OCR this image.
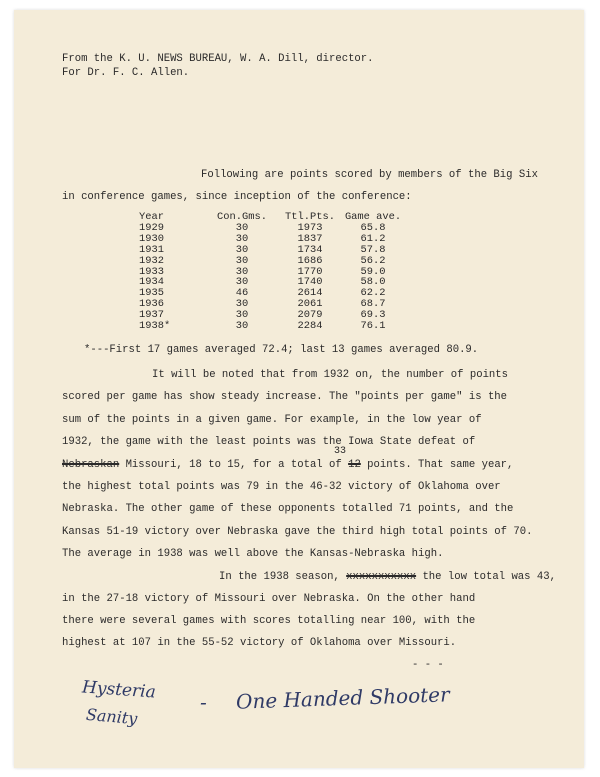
From the K. U. NEWS BUREAU, W. A. Dill, director.
For Dr. F. C. Allen.
Following are points scored by members of the Big Six
in conference games, since inception of the conference:
Year	Con.Gms.	Ttl.Pts.	Game ave.
1929	30	1973	65.8
1930	30	1837	61.2
1931	30	1734	57.8
1932	30	1686	56.2
1933	30	1770	59.0
1934	30	1740	58.0
1935	46	2614	62.2
1936	30	2061	68.7
1937	30	2079	69.3
1938*	30	2284	76.1
*---First 17 games averaged 72.4; last 13 games averaged 80.9.
It will be noted that from 1932 on, the number of points
scored per game has show steady increase. The "points per game" is the
sum of the points in a given game. For example, in the low year of
1932, the game with the least points was the Iowa State defeat of
Nebraskan Missouri, 18 to 15, for a total of 12 points. That same year,
33
the highest total points was 79 in the 46-32 victory of Oklahoma over
Nebraska. The other game of these opponents totalled 71 points, and the
Kansas 51-19 victory over Nebraska gave the third high total points of 70.
The average in 1938 was well above the Kansas-Nebraska high.
In the 1938 season, xxxxxxxxxxx the low total was 43,
in the 27-18 victory of Missouri over Nebraska. On the other hand
there were several games with scores totalling near 100, with the
highest at 107 in the 55-52 victory of Oklahoma over Missouri.
- - -
Hysteria
Sanity
- One Handed Shooter
